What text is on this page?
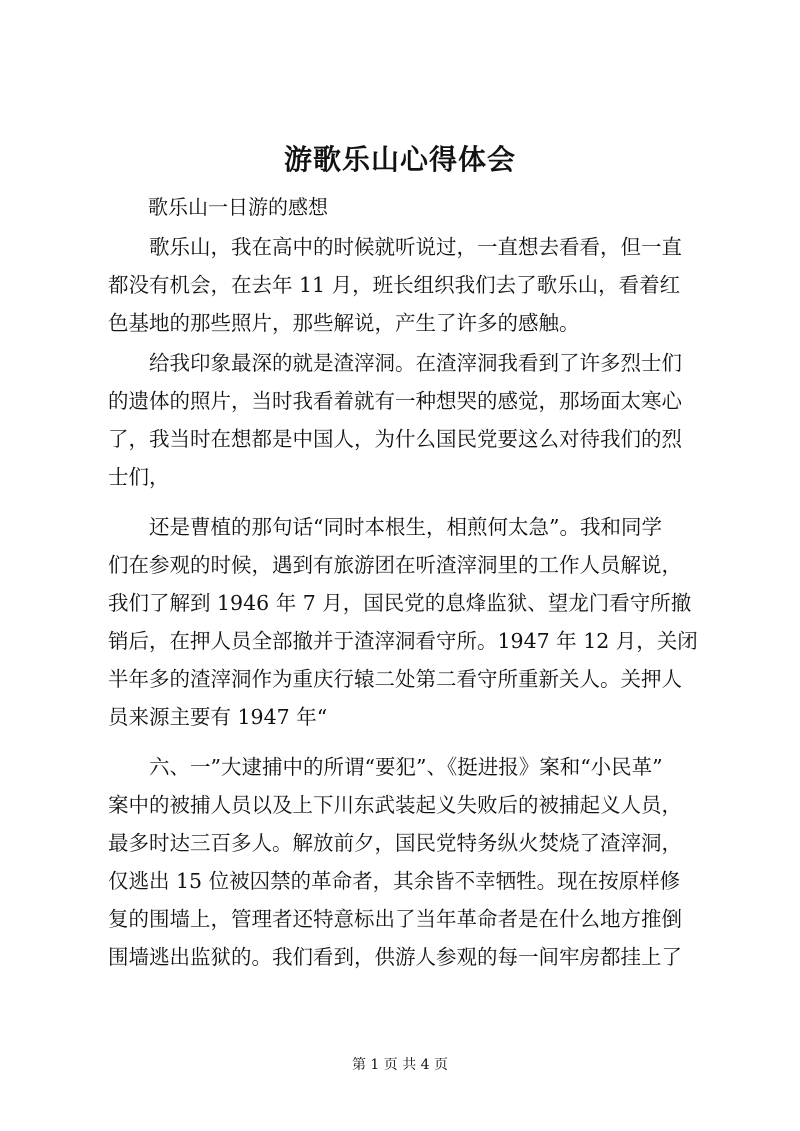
游歌乐山心得体会
歌乐山一日游的感想
　　歌乐山，我在高中的时候就听说过，一直想去看看，但一直
都没有机会，在去年 11 月，班长组织我们去了歌乐山，看着红
色基地的那些照片，那些解说，产生了许多的感触。
　　给我印象最深的就是渣滓洞。在渣滓洞我看到了许多烈士们
的遗体的照片，当时我看着就有一种想哭的感觉，那场面太寒心
了，我当时在想都是中国人，为什么国民党要这么对待我们的烈
士们，
　　还是曹植的那句话“同时本根生，相煎何太急”。我和同学
们在参观的时候，遇到有旅游团在听渣滓洞里的工作人员解说，
我们了解到 1946 年 7 月，国民党的息烽监狱、望龙门看守所撤
销后，在押人员全部撤并于渣滓洞看守所。1947 年 12 月，关闭
半年多的渣滓洞作为重庆行辕二处第二看守所重新关人。关押人
员来源主要有 1947 年“
　　六、一”大逮捕中的所谓“要犯”、《挺进报》案和“小民革”
案中的被捕人员以及上下川东武装起义失败后的被捕起义人员，
最多时达三百多人。解放前夕，国民党特务纵火焚烧了渣滓洞，
仅逃出 15 位被囚禁的革命者，其余皆不幸牺牲。现在按原样修
复的围墙上，管理者还特意标出了当年革命者是在什么地方推倒
围墙逃出监狱的。我们看到，供游人参观的每一间牢房都挂上了
第 1 页 共 4 页
